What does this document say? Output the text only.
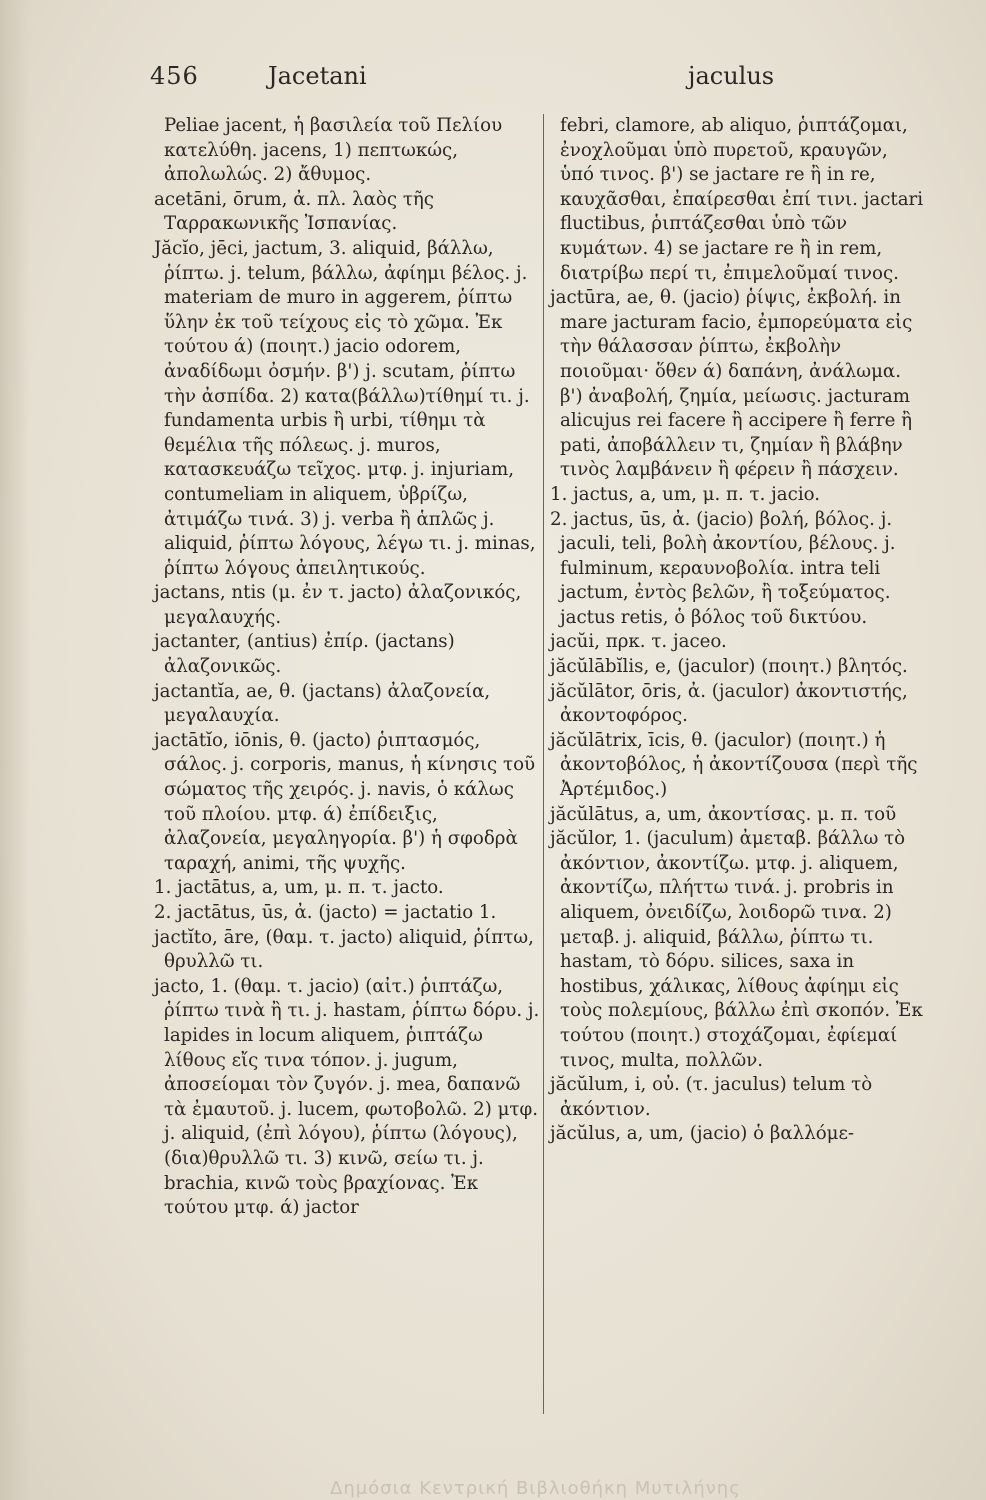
456	Jacetani	jaculus

Peliae jacent, ἡ βασιλεία τοῦ Πελίου κατελύθη. jacens, 1) πεπτωκώς, ἀπολωλώς. 2) ἄθυμος.

acetāni, ōrum, ἀ. πλ. λαὸς τῆς Ταρρακωνικῆς Ἰσπανίας.

Jăcĭo, jēci, jactum, 3. aliquid, βάλλω, ῥίπτω. j. telum, βάλλω, ἀφίημι βέλος. j. materiam de muro in aggerem, ῥίπτω ὕλην ἐκ τοῦ τείχους εἰς τὸ χῶμα. Ἐκ τούτου ά) (ποιητ.) jacio odorem, ἀναδίδωμι ὀσμήν. β') j. scutam, ῥίπτω τὴν ἀσπίδα. 2) κατα(βάλλω)τίθημί τι. j. fundamenta urbis ἢ urbi, τίθημι τὰ θεμέλια τῆς πόλεως. j. muros, κατασκευάζω τεῖχος. μτφ. j. injuriam, contumeliam in aliquem, ὑβρίζω, ἀτιμάζω τινά. 3) j. verba ἢ ἁπλῶς j. aliquid, ῥίπτω λόγους, λέγω τι. j. minas, ῥίπτω λόγους ἀπειλητικούς.

jactans, ntis (μ. ἐν τ. jacto) ἀλαζονικός, μεγαλαυχής.

jactanter, (antius) ἐπίρ. (jactans) ἀλαζονικῶς.

jactantĭa, ae, θ. (jactans) ἀλαζονεία, μεγαλαυχία.

jactātĭo, iōnis, θ. (jacto) ῥιπτασμός, σάλος. j. corporis, manus, ἡ κίνησις τοῦ σώματος τῆς χειρός. j. navis, ὁ κάλως τοῦ πλοίου. μτφ. ά) ἐπίδειξις, ἀλαζονεία, μεγαληγορία. β') ἡ σφοδρὰ ταραχή, animi, τῆς ψυχῆς.

1. jactātus, a, um, μ. π. τ. jacto.

2. jactātus, ūs, ἀ. (jacto) = jactatio 1.

jactĭto, āre, (θαμ. τ. jacto) aliquid, ῥίπτω, θρυλλῶ τι.

jacto, 1. (θαμ. τ. jacio) (αἰτ.) ῥιπτάζω, ῥίπτω τινὰ ἢ τι. j. hastam, ῥίπτω δόρυ. j. lapides in locum aliquem, ῥιπτάζω λίθους εἴς τινα τόπον. j. jugum, ἀποσείομαι τὸν ζυγόν. j. mea, δαπανῶ τὰ ἐμαυτοῦ. j. lucem, φωτοβολῶ. 2) μτφ. j. aliquid, (ἐπὶ λόγου), ῥίπτω (λόγους), (δια)θρυλλῶ τι. 3) κινῶ, σείω τι. j. brachia, κινῶ τοὺς βραχίονας. Ἐκ τούτου μτφ. ά) jactor

febri, clamore, ab aliquo, ῥιπτάζομαι, ἐνοχλοῦμαι ὑπὸ πυρετοῦ, κραυγῶν, ὑπό τινος. β') se jactare re ἢ in re, καυχᾶσθαι, ἐπαίρεσθαι ἐπί τινι. jactari fluctibus, ῥιπτάζεσθαι ὑπὸ τῶν κυμάτων. 4) se jactare re ἢ in rem, διατρίβω περί τι, ἐπιμελοῦμαί τινος.

jactūra, ae, θ. (jacio) ῥίψις, ἐκβολή. in mare jacturam facio, ἐμπορεύματα εἰς τὴν θάλασσαν ῥίπτω, ἐκβολὴν ποιοῦμαι· ὅθεν ά) δαπάνη, ἀνάλωμα. β') ἀναβολή, ζημία, μείωσις. jacturam alicujus rei facere ἢ accipere ἢ ferre ἢ pati, ἀποβάλλειν τι, ζημίαν ἢ βλάβην τινὸς λαμβάνειν ἢ φέρειν ἢ πάσχειν.

1. jactus, a, um, μ. π. τ. jacio.

2. jactus, ūs, ἀ. (jacio) βολή, βόλος. j. jaculi, teli, βολὴ ἀκοντίου, βέλους. j. fulminum, κεραυνοβολία. intra teli jactum, ἐντὸς βελῶν, ἢ τοξεύματος. jactus retis, ὁ βόλος τοῦ δικτύου.

jacŭi, πρκ. τ. jaceo.

jăcŭlābĭlis, e, (jaculor) (ποιητ.) βλητός.

jăcŭlātor, ōris, ἀ. (jaculor) ἀκοντιστής, ἀκοντοφόρος.

jăcŭlātrix, īcis, θ. (jaculor) (ποιητ.) ἡ ἀκοντοβόλος, ἡ ἀκοντίζουσα (περὶ τῆς Ἀρτέμιδος.)

jăcŭlātus, a, um, ἀκοντίσας. μ. π. τοῦ

jăcŭlor, 1. (jaculum) ἀμεταβ. βάλλω τὸ ἀκόντιον, ἀκοντίζω. μτφ. j. aliquem, ἀκοντίζω, πλήττω τινά. j. probris in aliquem, ὀνειδίζω, λοιδορῶ τινα. 2) μεταβ. j. aliquid, βάλλω, ῥίπτω τι. hastam, τὸ δόρυ. silices, saxa in hostibus, χάλικας, λίθους ἀφίημι εἰς τοὺς πολεμίους, βάλλω ἐπὶ σκοπόν. Ἐκ τούτου (ποιητ.) στοχάζομαι, ἐφίεμαί τινος, multa, πολλῶν.

jăcŭlum, i, οὐ. (τ. jaculus) telum τὸ ἀκόντιον.

jăcŭlus, a, um, (jacio) ὁ βαλλόμε-

Δημόσια Κεντρική Βιβλιοθήκη Μυτιλήνης
